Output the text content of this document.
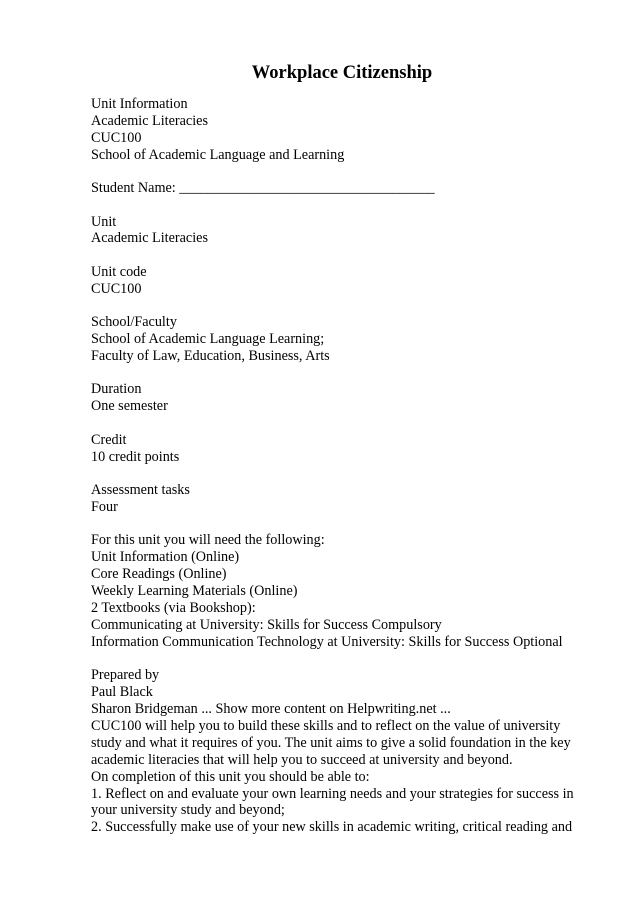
Workplace Citizenship
Unit Information
Academic Literacies
CUC100
School of Academic Language and Learning
Student Name: ____________________________________
Unit
Academic Literacies
Unit code
CUC100
School/Faculty
School of Academic Language Learning;
Faculty of Law, Education, Business, Arts
Duration
One semester
Credit
10 credit points
Assessment tasks
Four
For this unit you will need the following:
Unit Information (Online)
Core Readings (Online)
Weekly Learning Materials (Online)
2 Textbooks (via Bookshop):
Communicating at University: Skills for Success Compulsory
Information Communication Technology at University: Skills for Success Optional
Prepared by
Paul Black
Sharon Bridgeman ... Show more content on Helpwriting.net ...
CUC100 will help you to build these skills and to reflect on the value of university
study and what it requires of you. The unit aims to give a solid foundation in the key
academic literacies that will help you to succeed at university and beyond.
On completion of this unit you should be able to:
1. Reflect on and evaluate your own learning needs and your strategies for success in
your university study and beyond;
2. Successfully make use of your new skills in academic writing, critical reading and
